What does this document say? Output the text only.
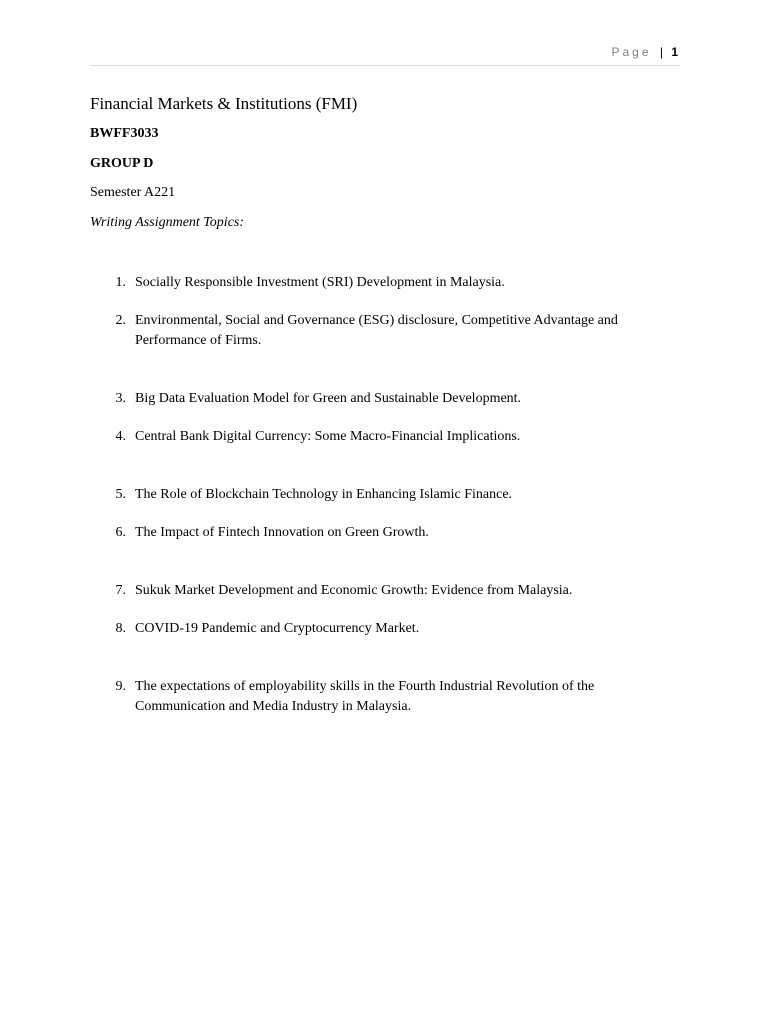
Page | 1
Financial Markets & Institutions (FMI)
BWFF3033
GROUP D
Semester A221
Writing Assignment Topics:
1. Socially Responsible Investment (SRI) Development in Malaysia.
2. Environmental, Social and Governance (ESG) disclosure, Competitive Advantage and Performance of Firms.
3. Big Data Evaluation Model for Green and Sustainable Development.
4. Central Bank Digital Currency: Some Macro-Financial Implications.
5. The Role of Blockchain Technology in Enhancing Islamic Finance.
6. The Impact of Fintech Innovation on Green Growth.
7. Sukuk Market Development and Economic Growth: Evidence from Malaysia.
8. COVID-19 Pandemic and Cryptocurrency Market.
9. The expectations of employability skills in the Fourth Industrial Revolution of the Communication and Media Industry in Malaysia.
